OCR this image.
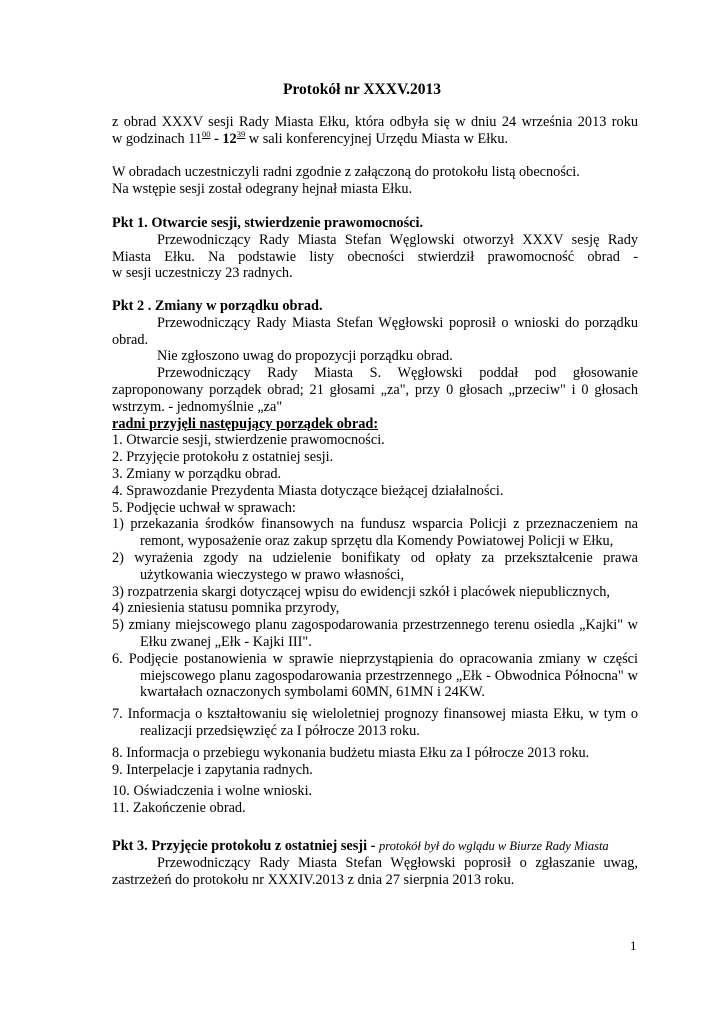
Protokół nr XXXV.2013

z obrad XXXV sesji Rady Miasta Ełku, która odbyła się w dniu 24 września 2013 roku

w godzinach $11^{00} - 12^{39}$ w sali konferencyjnej Urzędu Miasta w Ełku.

W obradach uczestniczyli radni zgodnie z załączoną do protokołu listą obecności.

Na wstępie sesji został odegrany hejnał miasta Ełku.

Pkt 1. Otwarcie sesji, stwierdzenie prawomocności.

Przewodniczący Rady Miasta Stefan Węglowski otworzył XXXV sesję Rady Miasta Ełku. Na podstawie listy obecności stwierdził prawomocność obrad -

w sesji uczestniczy 23 radnych.

Pkt 2 . Zmiany w porządku obrad.

Przewodniczący Rady Miasta Stefan Węgłowski poprosił o wnioski do porządku obrad.

Nie zgłoszono uwag do propozycji porządku obrad.

Przewodniczący Rady Miasta S. Węgłowski poddał pod głosowanie zaproponowany porządek obrad; 21 głosami „za", przy 0 głosach „przeciw" i 0 głosach

wstrzym. - jednomyślnie „za"

radni przyjęli następujący porządek obrad:

1. Otwarcie sesji, stwierdzenie prawomocności.

2. Przyjęcie protokołu z ostatniej sesji.

3. Zmiany w porządku obrad.

4. Sprawozdanie Prezydenta Miasta dotyczące bieżącej działalności.

5. Podjęcie uchwał w sprawach:

1) przekazania środków finansowych na fundusz wsparcia Policji z przeznaczeniem na remont, wyposażenie oraz zakup sprzętu dla Komendy Powiatowej Policji w Ełku,

2) wyrażenia zgody na udzielenie bonifikaty od opłaty za przekształcenie prawa użytkowania wieczystego w prawo własności,

3) rozpatrzenia skargi dotyczącej wpisu do ewidencji szkół i placówek niepublicznych,

4) zniesienia statusu pomnika przyrody,

5) zmiany miejscowego planu zagospodarowania przestrzennego terenu osiedla „Kajki" w Ełku zwanej „Ełk - Kajki III".

6. Podjęcie postanowienia w sprawie nieprzystąpienia do opracowania zmiany w części miejscowego planu zagospodarowania przestrzennego „Ełk - Obwodnica Północna" w kwartałach oznaczonych symbolami 60MN, 61MN i 24KW.

7. Informacja o kształtowaniu się wieloletniej prognozy finansowej miasta Ełku, w tym o realizacji przedsięwzięć za I półrocze 2013 roku.

8. Informacja o przebiegu wykonania budżetu miasta Ełku za I półrocze 2013 roku.

9. Interpelacje i zapytania radnych.

10. Oświadczenia i wolne wnioski.

11. Zakończenie obrad.

Pkt 3. Przyjęcie protokołu z ostatniej sesji - protokół był do wglądu w Biurze Rady Miasta

Przewodniczący Rady Miasta Stefan Węgłowski poprosił o zgłaszanie uwag, zastrzeżeń do protokołu nr XXXIV.2013 z dnia 27 sierpnia 2013 roku.

1
